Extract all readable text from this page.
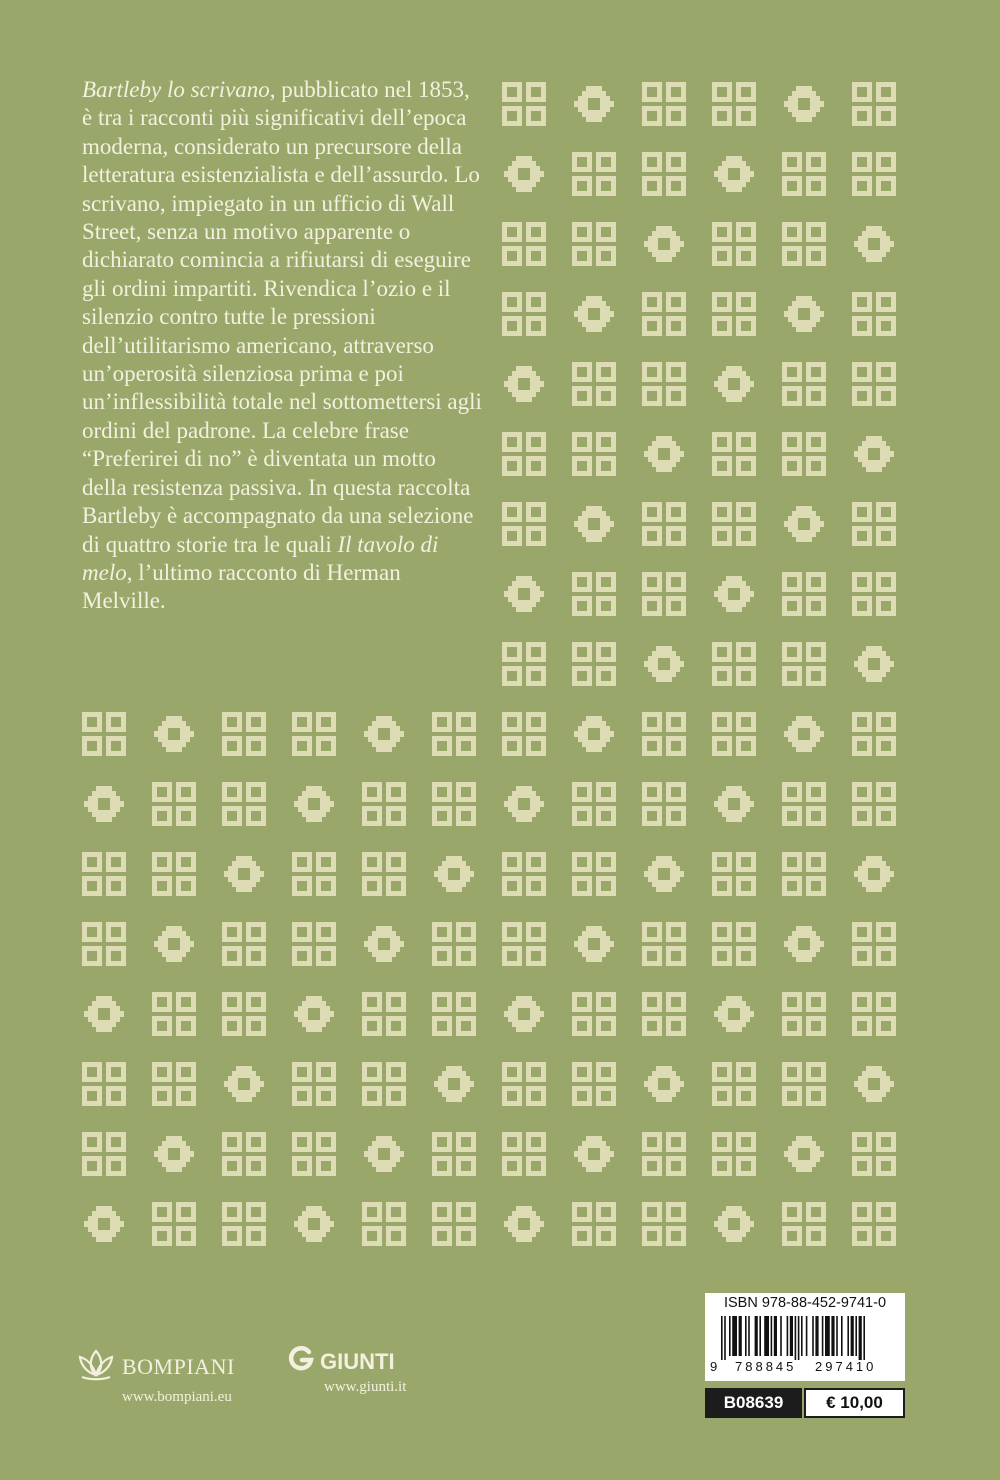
Bartleby lo scrivano, pubblicato nel 1853, è tra i racconti più significativi dell’epoca moderna, considerato un precursore della letteratura esistenzialista e dell’assurdo. Lo scrivano, impiegato in un ufficio di Wall Street, senza un motivo apparente o dichiarato comincia a rifiutarsi di eseguire gli ordini impartiti. Rivendica l’ozio e il silenzio contro tutte le pressioni dell’utilitarismo americano, attraverso un’operosità silenziosa prima e poi un’inflessibilità totale nel sottomettersi agli ordini del padrone. La celebre frase “Preferirei di no” è diventata un motto della resistenza passiva. In questa raccolta Bartleby è accompagnato da una selezione di quattro storie tra le quali Il tavolo di melo, l’ultimo racconto di Herman Melville.

BOMPIANI
www.bompiani.eu
GIUNTI
www.giunti.it
ISBN 978-88-452-9741-0
9 788845 297410
B08639	€ 10,00
